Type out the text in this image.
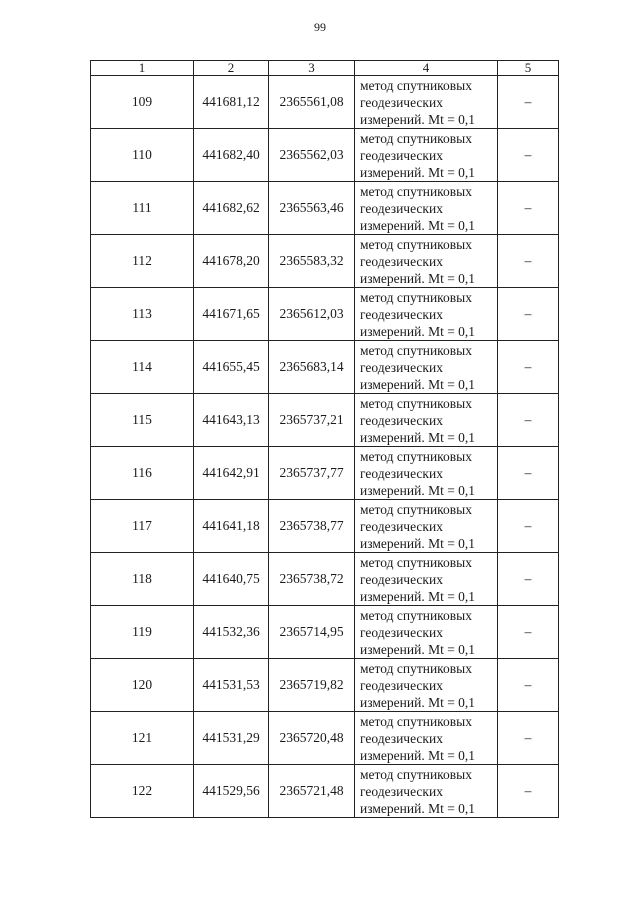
99
1	2	3	4	5
109	441681,12	2365561,08	метод спутниковых
геодезических
измерений. Mt = 0,1	–
110	441682,40	2365562,03	метод спутниковых
геодезических
измерений. Mt = 0,1	–
111	441682,62	2365563,46	метод спутниковых
геодезических
измерений. Mt = 0,1	–
112	441678,20	2365583,32	метод спутниковых
геодезических
измерений. Mt = 0,1	–
113	441671,65	2365612,03	метод спутниковых
геодезических
измерений. Mt = 0,1	–
114	441655,45	2365683,14	метод спутниковых
геодезических
измерений. Mt = 0,1	–
115	441643,13	2365737,21	метод спутниковых
геодезических
измерений. Mt = 0,1	–
116	441642,91	2365737,77	метод спутниковых
геодезических
измерений. Mt = 0,1	–
117	441641,18	2365738,77	метод спутниковых
геодезических
измерений. Mt = 0,1	–
118	441640,75	2365738,72	метод спутниковых
геодезических
измерений. Mt = 0,1	–
119	441532,36	2365714,95	метод спутниковых
геодезических
измерений. Mt = 0,1	–
120	441531,53	2365719,82	метод спутниковых
геодезических
измерений. Mt = 0,1	–
121	441531,29	2365720,48	метод спутниковых
геодезических
измерений. Mt = 0,1	–
122	441529,56	2365721,48	метод спутниковых
геодезических
измерений. Mt = 0,1	–
